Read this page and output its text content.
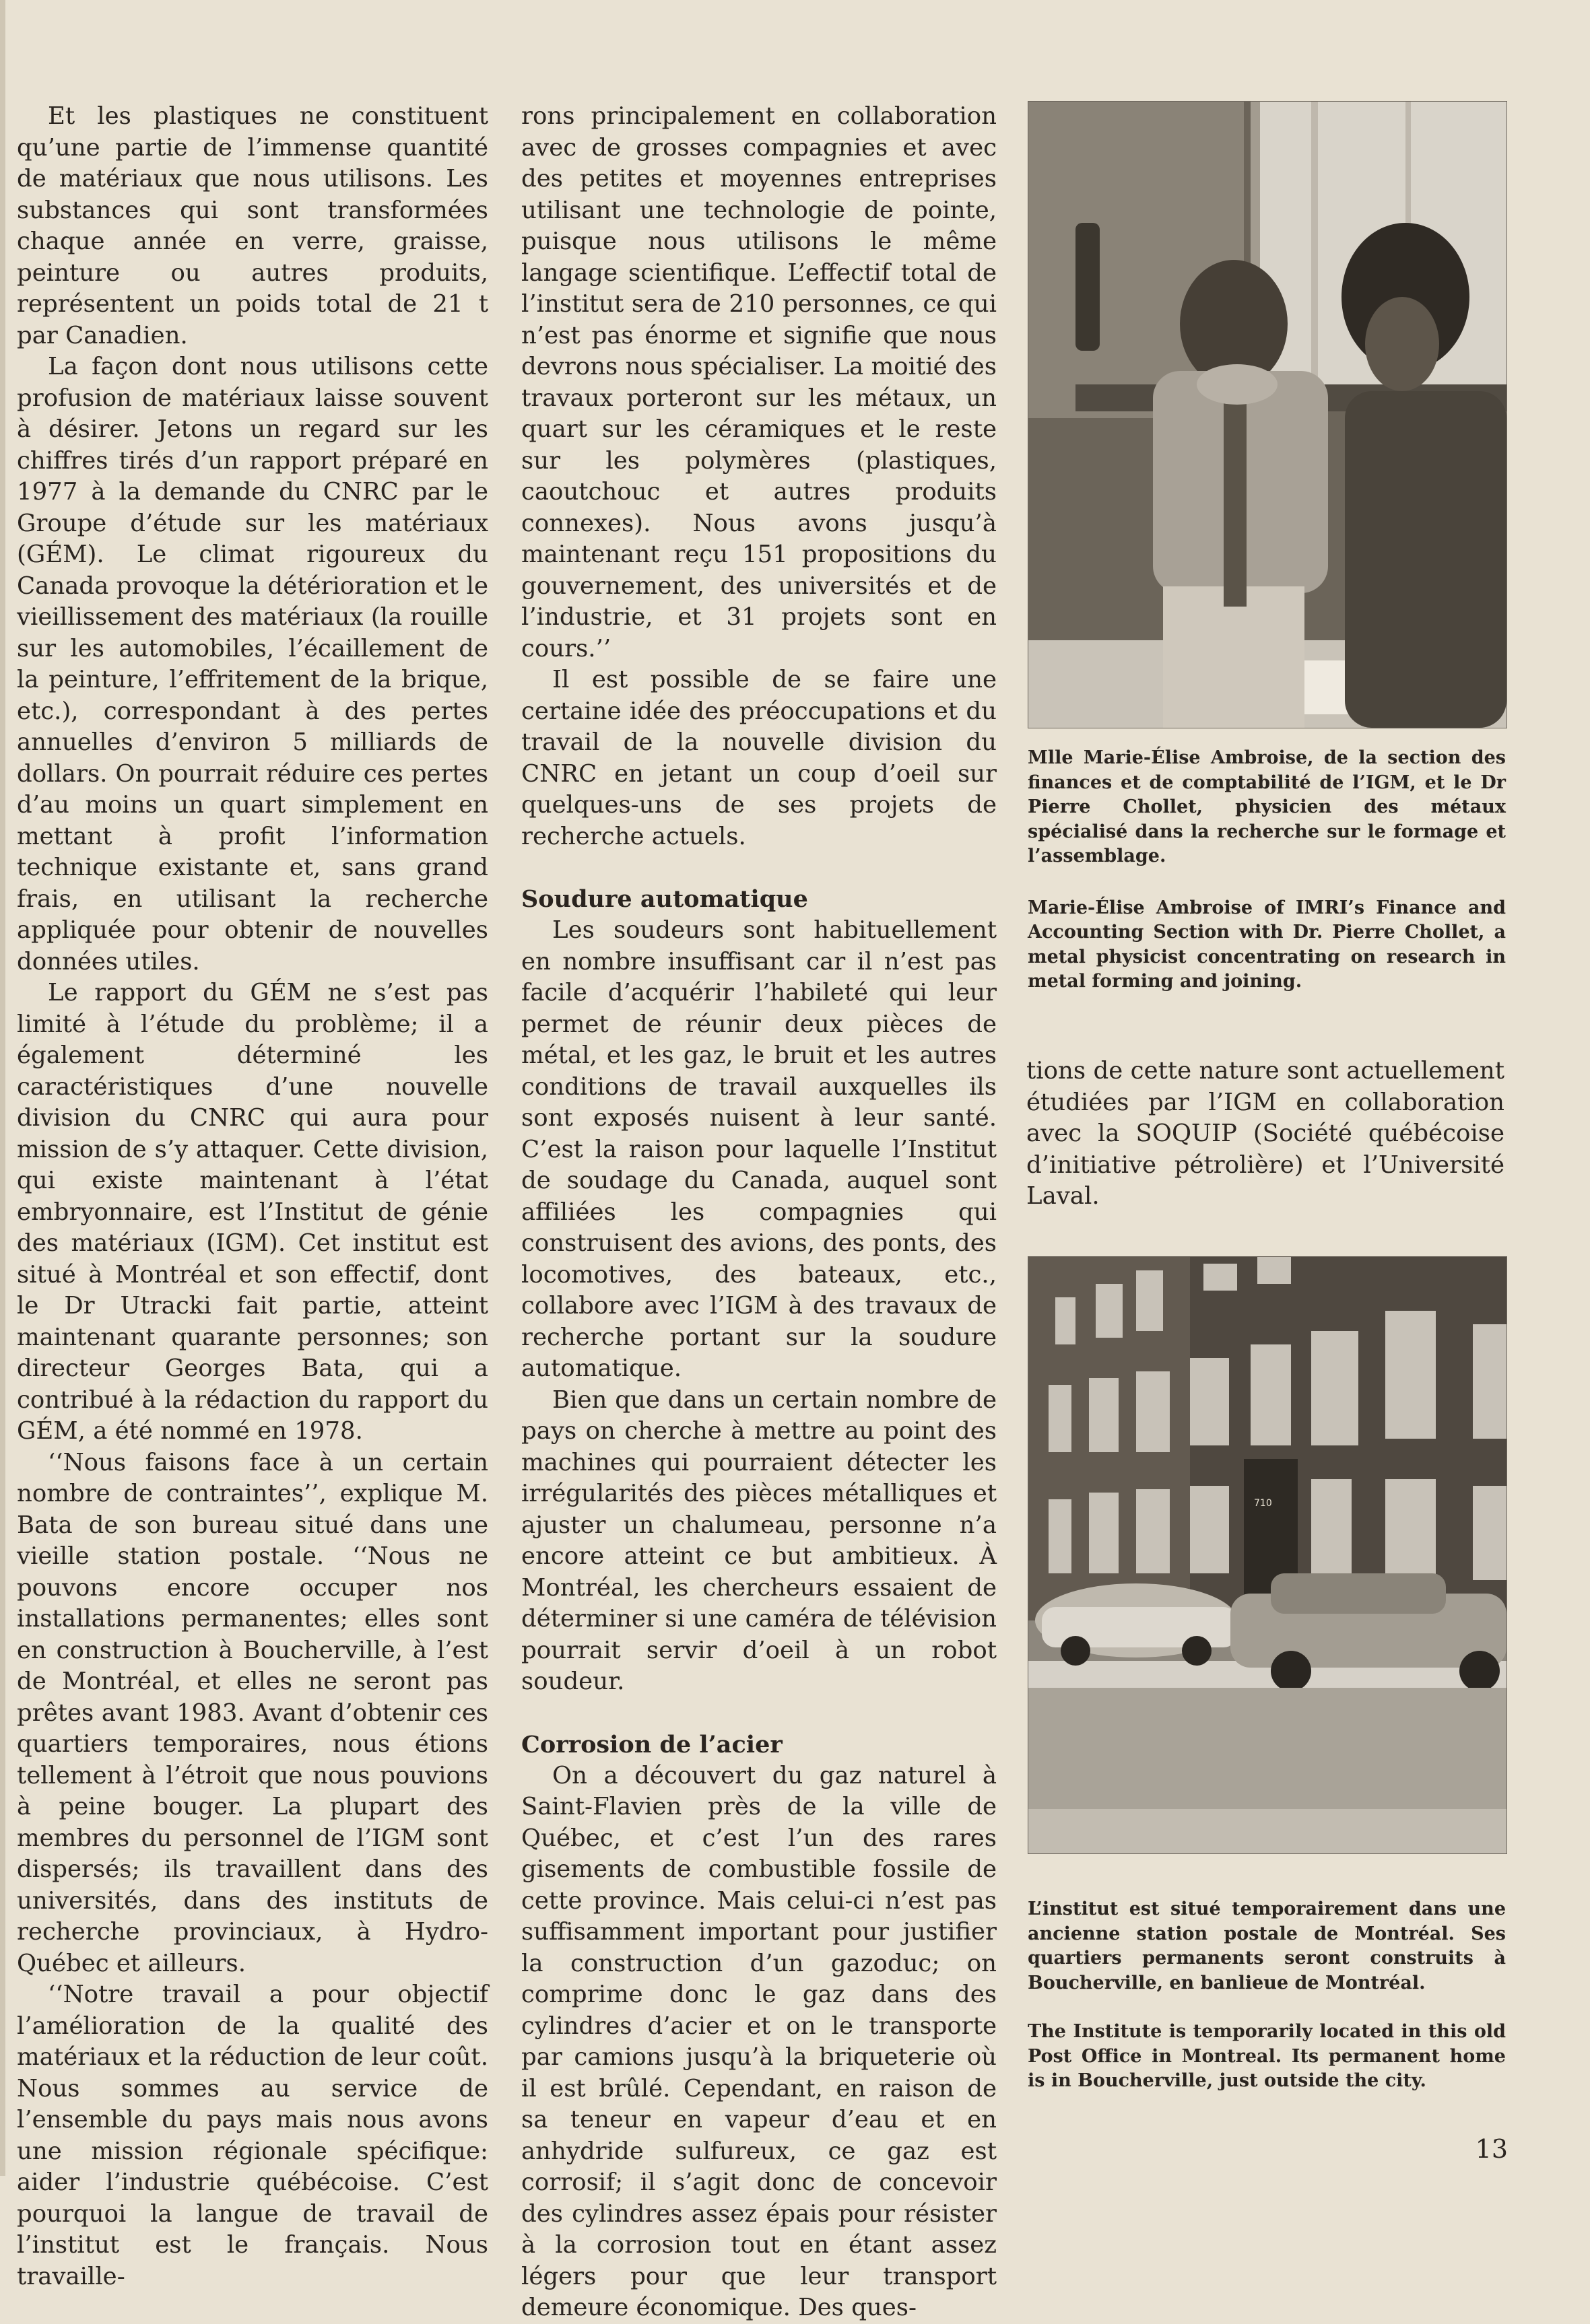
Et les plastiques ne constituent qu’une partie de l’immense quantité de matériaux que nous utilisons. Les substances qui sont transformées chaque année en verre, graisse, peinture ou autres produits, représentent un poids total de 21 t par Canadien.

La façon dont nous utilisons cette profusion de matériaux laisse souvent à désirer. Jetons un regard sur les chiffres tirés d’un rapport préparé en 1977 à la demande du CNRC par le Groupe d’étude sur les matériaux (GÉM). Le climat rigoureux du Canada provoque la détérioration et le vieillissement des matériaux (la rouille sur les automobiles, l’écaillement de la peinture, l’effritement de la brique, etc.), correspondant à des pertes annuelles d’environ 5 milliards de dollars. On pourrait réduire ces pertes d’au moins un quart simplement en mettant à profit l’information technique existante et, sans grand frais, en utilisant la recherche appliquée pour obtenir de nouvelles données utiles.

Le rapport du GÉM ne s’est pas limité à l’étude du problème; il a également déterminé les caractéristiques d’une nouvelle division du CNRC qui aura pour mission de s’y attaquer. Cette division, qui existe maintenant à l’état embryonnaire, est l’Institut de génie des matériaux (IGM). Cet institut est situé à Montréal et son effectif, dont le Dr Utracki fait partie, atteint maintenant quarante personnes; son directeur Georges Bata, qui a contribué à la rédaction du rapport du GÉM, a été nommé en 1978.

‘‘Nous faisons face à un certain nombre de contraintes’’, explique M. Bata de son bureau situé dans une vieille station postale. ‘‘Nous ne pouvons encore occuper nos installations permanentes; elles sont en construction à Boucherville, à l’est de Montréal, et elles ne seront pas prêtes avant 1983. Avant d’obtenir ces quartiers temporaires, nous étions tellement à l’étroit que nous pouvions à peine bouger. La plupart des membres du personnel de l’IGM sont dispersés; ils travaillent dans des universités, dans des instituts de recherche provinciaux, à Hydro-Québec et ailleurs.

‘‘Notre travail a pour objectif l’amélioration de la qualité des matériaux et la réduction de leur coût. Nous sommes au service de l’ensemble du pays mais nous avons une mission régionale spécifique: aider l’industrie québécoise. C’est pourquoi la langue de travail de l’institut est le français. Nous travaille-

rons principalement en collaboration avec de grosses compagnies et avec des petites et moyennes entreprises utilisant une technologie de pointe, puisque nous utilisons le même langage scientifique. L’effectif total de l’institut sera de 210 personnes, ce qui n’est pas énorme et signifie que nous devrons nous spécialiser. La moitié des travaux porteront sur les métaux, un quart sur les céramiques et le reste sur les polymères (plastiques, caoutchouc et autres produits connexes). Nous avons jusqu’à maintenant reçu 151 propositions du gouvernement, des universités et de l’industrie, et 31 projets sont en cours.’’

Il est possible de se faire une certaine idée des préoccupations et du travail de la nouvelle division du CNRC en jetant un coup d’oeil sur quelques-uns de ses projets de recherche actuels.

Soudure automatique

Les soudeurs sont habituellement en nombre insuffisant car il n’est pas facile d’acquérir l’habileté qui leur permet de réunir deux pièces de métal, et les gaz, le bruit et les autres conditions de travail auxquelles ils sont exposés nuisent à leur santé. C’est la raison pour laquelle l’Institut de soudage du Canada, auquel sont affiliées les compagnies qui construisent des avions, des ponts, des locomotives, des bateaux, etc., collabore avec l’IGM à des travaux de recherche portant sur la soudure automatique.

Bien que dans un certain nombre de pays on cherche à mettre au point des machines qui pourraient détecter les irrégularités des pièces métalliques et ajuster un chalumeau, personne n’a encore atteint ce but ambitieux. À Montréal, les chercheurs essaient de déterminer si une caméra de télévision pourrait servir d’oeil à un robot soudeur.

Corrosion de l’acier

On a découvert du gaz naturel à Saint-Flavien près de la ville de Québec, et c’est l’un des rares gisements de combustible fossile de cette province. Mais celui-ci n’est pas suffisamment important pour justifier la construction d’un gazoduc; on comprime donc le gaz dans des cylindres d’acier et on le transporte par camions jusqu’à la briqueterie où il est brûlé. Cependant, en raison de sa teneur en vapeur d’eau et en anhydride sulfureux, ce gaz est corrosif; il s’agit donc de concevoir des cylindres assez épais pour résister à la corrosion tout en étant assez légers pour que leur transport demeure économique. Des ques-

Mlle Marie-Élise Ambroise, de la section des finances et de comptabilité de l’IGM, et le Dr Pierre Chollet, physicien des métaux spécialisé dans la recherche sur le formage et l’assemblage.

Marie-Élise Ambroise of IMRI’s Finance and Accounting Section with Dr. Pierre Chollet, a metal physicist concentrating on research in metal forming and joining.

tions de cette nature sont actuellement étudiées par l’IGM en collaboration avec la SOQUIP (Société québécoise d’initiative pétrolière) et l’Université Laval.

710

L’institut est situé temporairement dans une ancienne station postale de Montréal. Ses quartiers permanents seront construits à Boucherville, en banlieue de Montréal.

The Institute is temporarily located in this old Post Office in Montreal. Its permanent home is in Boucherville, just outside the city.

13
